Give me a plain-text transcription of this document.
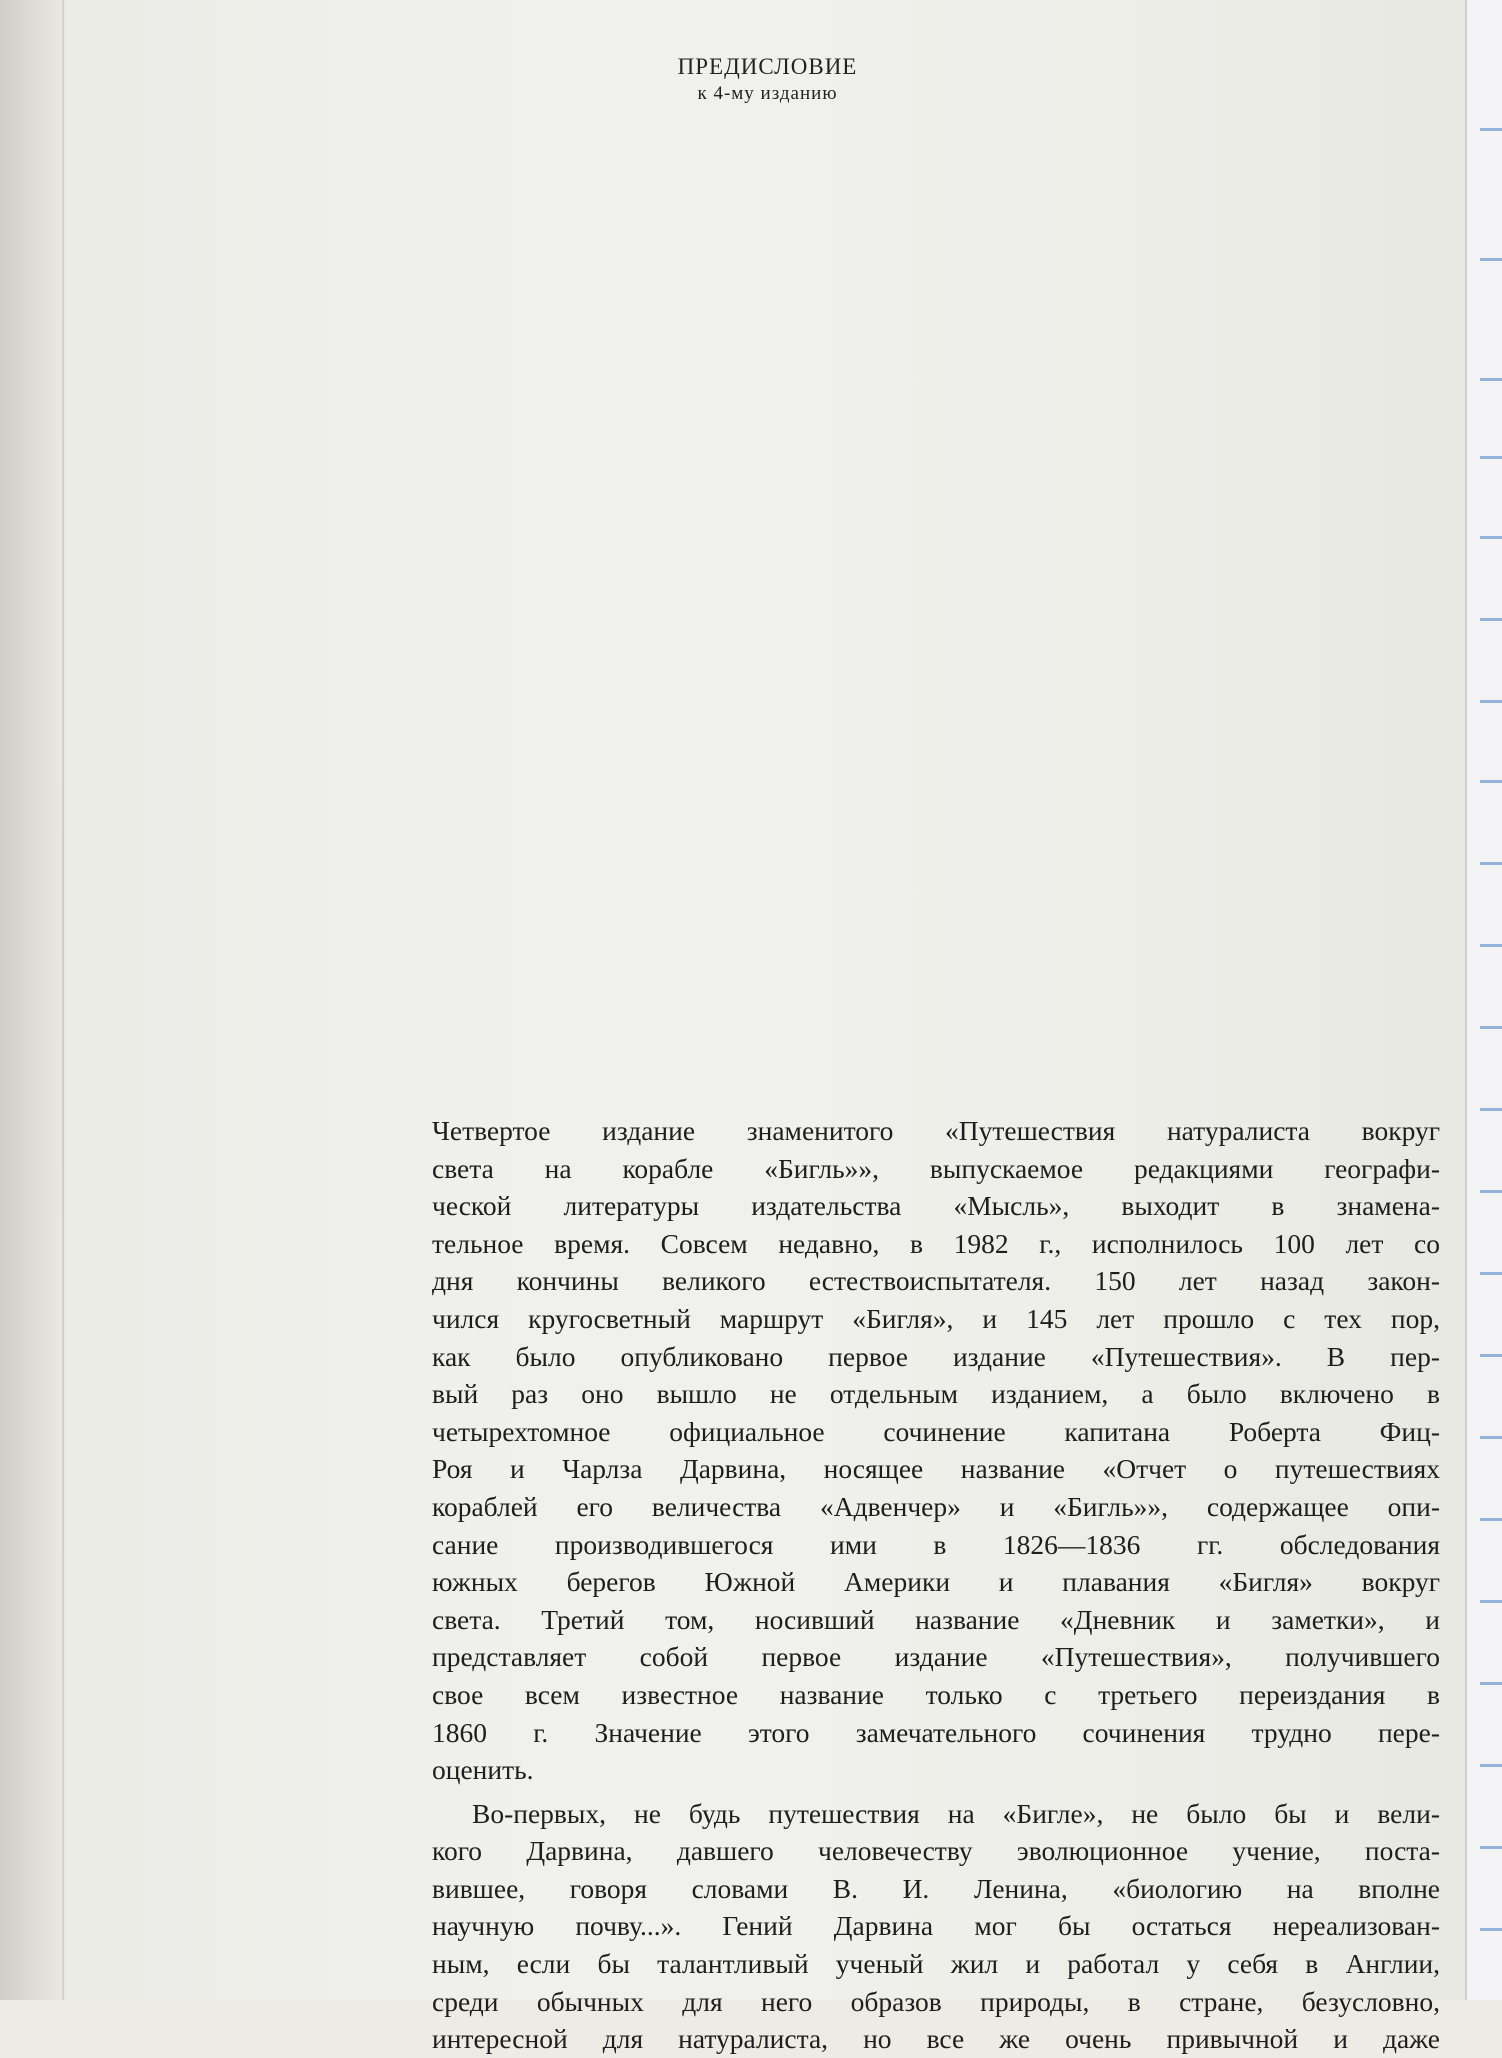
ПРЕДИСЛОВИЕ
к 4-му изданию
Четвертое издание знаменитого «Путешествия натуралиста вокруг
света на корабле «Бигль»», выпускаемое редакциями географи-
ческой литературы издательства «Мысль», выходит в знамена-
тельное время. Совсем недавно, в 1982 г., исполнилось 100 лет со
дня кончины великого естествоиспытателя. 150 лет назад закон-
чился кругосветный маршрут «Бигля», и 145 лет прошло с тех пор,
как было опубликовано первое издание «Путешествия». В пер-
вый раз оно вышло не отдельным изданием, а было включено в
четырехтомное официальное сочинение капитана Роберта Фиц-
Роя и Чарлза Дарвина, носящее название «Отчет о путешествиях
кораблей его величества «Адвенчер» и «Бигль»», содержащее опи-
сание производившегося ими в 1826—1836 гг. обследования
южных берегов Южной Америки и плавания «Бигля» вокруг
света. Третий том, носивший название «Дневник и заметки», и
представляет собой первое издание «Путешествия», получившего
свое всем известное название только с третьего переиздания в
1860 г. Значение этого замечательного сочинения трудно пере-
оценить.
Во-первых, не будь путешествия на «Бигле», не было бы и вели-
кого Дарвина, давшего человечеству эволюционное учение, поста-
вившее, говоря словами В. И. Ленина, «биологию на вполне
научную почву...». Гений Дарвина мог бы остаться нереализован-
ным, если бы талантливый ученый жил и работал у себя в Англии,
среди обычных для него образов природы, в стране, безусловно,
интересной для натуралиста, но все же очень привычной и даже
